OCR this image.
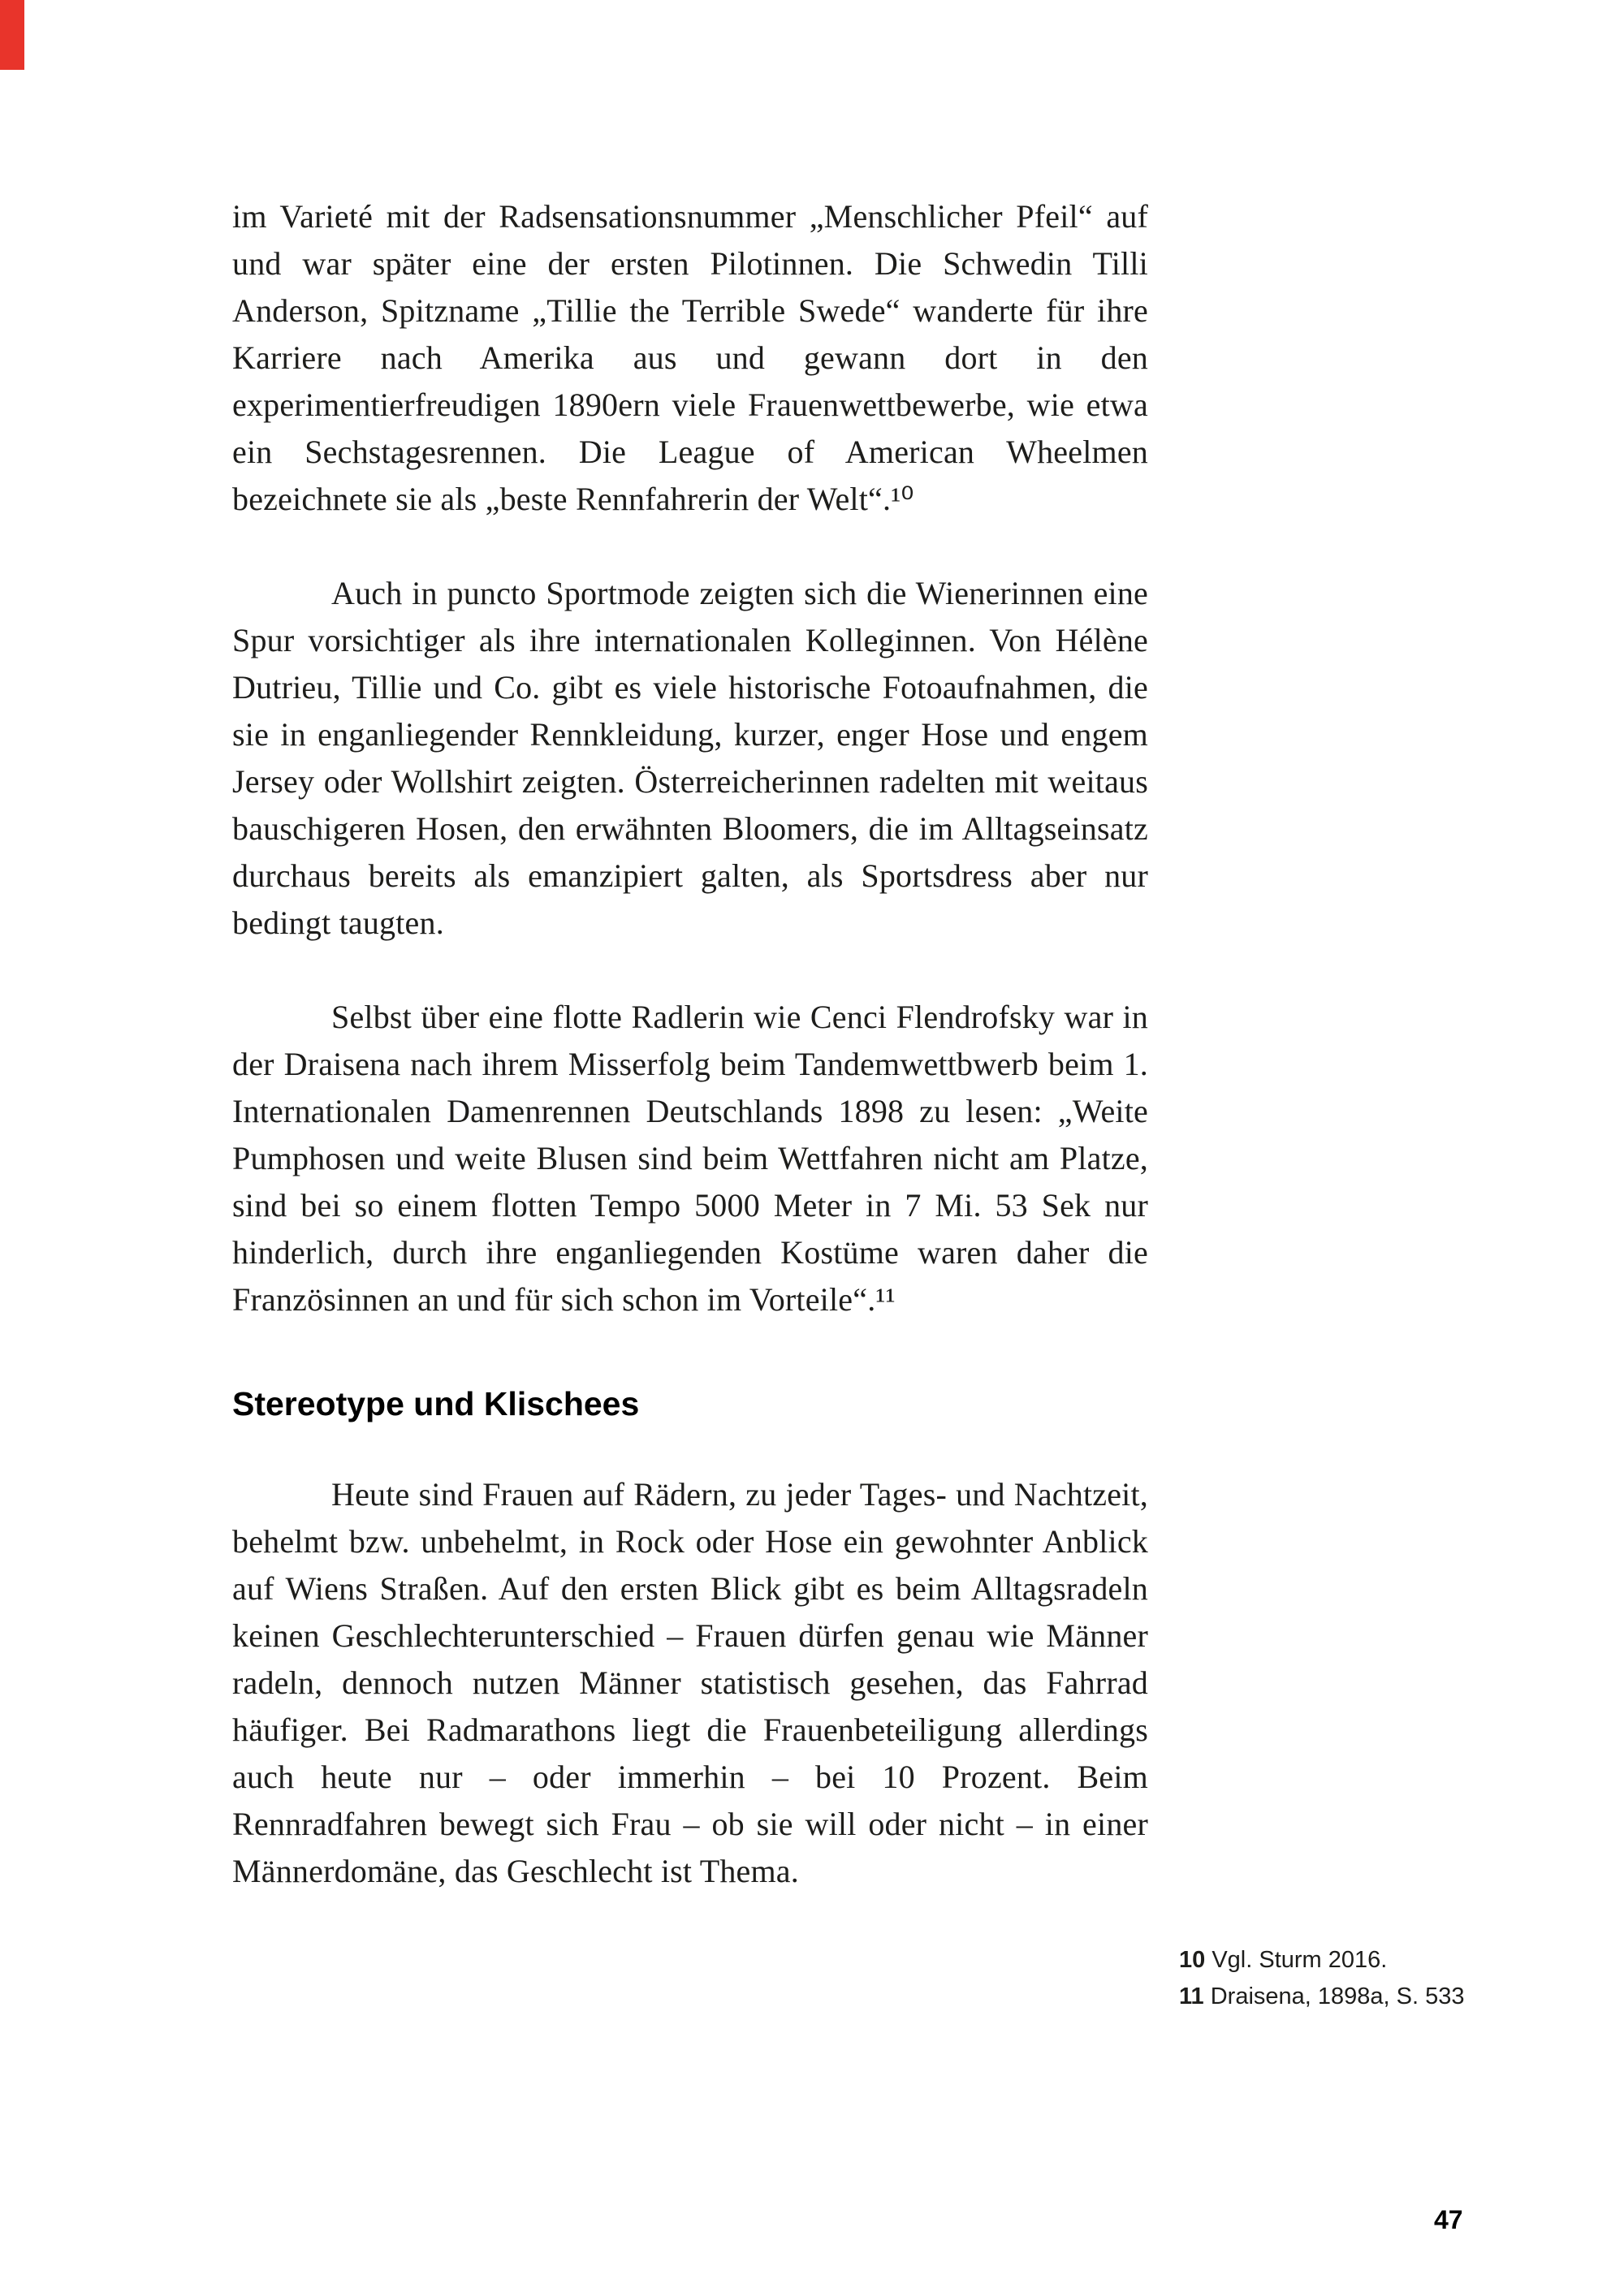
im Varieté mit der Radsensationsnummer „Menschlicher Pfeil“ auf und war später eine der ersten Pilotinnen. Die Schwedin Tilli Anderson, Spitzname „Tillie the Terrible Swede“ wanderte für ihre Karriere nach Amerika aus und gewann dort in den experimentierfreudigen 1890ern viele Frauenwettbewerbe, wie etwa ein Sechstagesrennen. Die League of American Wheelmen bezeichnete sie als „beste Rennfahrerin der Welt“.¹⁰

Auch in puncto Sportmode zeigten sich die Wienerinnen eine Spur vorsichtiger als ihre internationalen Kolleginnen. Von Hélène Dutrieu, Tillie und Co. gibt es viele historische Fotoaufnahmen, die sie in enganliegender Rennkleidung, kurzer, enger Hose und engem Jersey oder Wollshirt zeigten. Österreicherinnen radelten mit weitaus bauschigeren Hosen, den erwähnten Bloomers, die im Alltagseinsatz durchaus bereits als emanzipiert galten, als Sportsdress aber nur bedingt taugten.

Selbst über eine flotte Radlerin wie Cenci Flendrofsky war in der Draisena nach ihrem Misserfolg beim Tandemwettbwerb beim 1. Internationalen Damenrennen Deutschlands 1898 zu lesen: „Weite Pumphosen und weite Blusen sind beim Wettfahren nicht am Platze, sind bei so einem flotten Tempo 5000 Meter in 7 Mi. 53 Sek nur hinderlich, durch ihre enganliegenden Kostüme waren daher die Französinnen an und für sich schon im Vorteile“.¹¹

Stereotype und Klischees

Heute sind Frauen auf Rädern, zu jeder Tages- und Nachtzeit, behelmt bzw. unbehelmt, in Rock oder Hose ein gewohnter Anblick auf Wiens Straßen. Auf den ersten Blick gibt es beim Alltagsradeln keinen Geschlechterunterschied – Frauen dürfen genau wie Männer radeln, dennoch nutzen Männer statistisch gesehen, das Fahrrad häufiger. Bei Radmarathons liegt die Frauenbeteiligung allerdings auch heute nur – oder immerhin – bei 10 Prozent. Beim Rennradfahren bewegt sich Frau – ob sie will oder nicht – in einer Männerdomäne, das Geschlecht ist Thema.

10 Vgl. Sturm 2016.
11 Draisena, 1898a, S. 533
47
